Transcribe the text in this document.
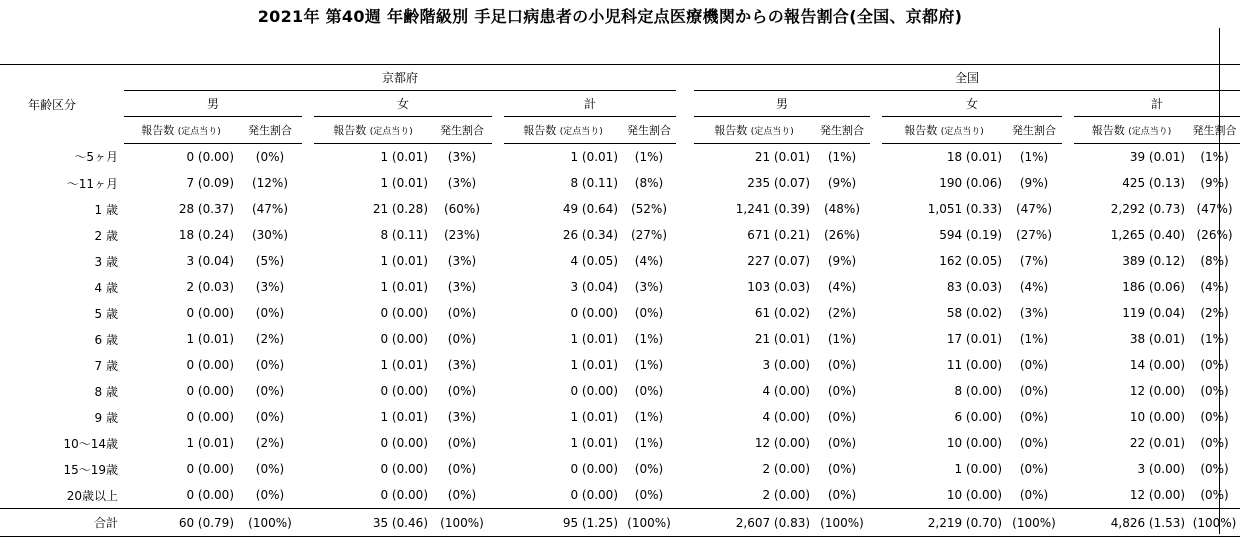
2021年 第40週 年齢階級別 手足口病患者の小児科定点医療機関からの報告割合(全国、京都府)
年齢区分	京都府									全国							
	男			女			計			男			女			計	
	報告数 (定点当り)	発生割合		報告数 (定点当り)	発生割合		報告数 (定点当り)	発生割合		報告数 (定点当り)	発生割合		報告数 (定点当り)	発生割合		報告数 (定点当り)	発生割合
～5ヶ月	0 (0.00)	(0%)		1 (0.01)	(3%)		1 (0.01)	(1%)		21 (0.01)	(1%)		18 (0.01)	(1%)		39 (0.01)	(1%)
～11ヶ月	7 (0.09)	(12%)		1 (0.01)	(3%)		8 (0.11)	(8%)		235 (0.07)	(9%)		190 (0.06)	(9%)		425 (0.13)	(9%)
1 歳	28 (0.37)	(47%)		21 (0.28)	(60%)		49 (0.64)	(52%)		1,241 (0.39)	(48%)		1,051 (0.33)	(47%)		2,292 (0.73)	(47%)
2 歳	18 (0.24)	(30%)		8 (0.11)	(23%)		26 (0.34)	(27%)		671 (0.21)	(26%)		594 (0.19)	(27%)		1,265 (0.40)	(26%)
3 歳	3 (0.04)	(5%)		1 (0.01)	(3%)		4 (0.05)	(4%)		227 (0.07)	(9%)		162 (0.05)	(7%)		389 (0.12)	(8%)
4 歳	2 (0.03)	(3%)		1 (0.01)	(3%)		3 (0.04)	(3%)		103 (0.03)	(4%)		83 (0.03)	(4%)		186 (0.06)	(4%)
5 歳	0 (0.00)	(0%)		0 (0.00)	(0%)		0 (0.00)	(0%)		61 (0.02)	(2%)		58 (0.02)	(3%)		119 (0.04)	(2%)
6 歳	1 (0.01)	(2%)		0 (0.00)	(0%)		1 (0.01)	(1%)		21 (0.01)	(1%)		17 (0.01)	(1%)		38 (0.01)	(1%)
7 歳	0 (0.00)	(0%)		1 (0.01)	(3%)		1 (0.01)	(1%)		3 (0.00)	(0%)		11 (0.00)	(0%)		14 (0.00)	(0%)
8 歳	0 (0.00)	(0%)		0 (0.00)	(0%)		0 (0.00)	(0%)		4 (0.00)	(0%)		8 (0.00)	(0%)		12 (0.00)	(0%)
9 歳	0 (0.00)	(0%)		1 (0.01)	(3%)		1 (0.01)	(1%)		4 (0.00)	(0%)		6 (0.00)	(0%)		10 (0.00)	(0%)
10～14歳	1 (0.01)	(2%)		0 (0.00)	(0%)		1 (0.01)	(1%)		12 (0.00)	(0%)		10 (0.00)	(0%)		22 (0.01)	(0%)
15～19歳	0 (0.00)	(0%)		0 (0.00)	(0%)		0 (0.00)	(0%)		2 (0.00)	(0%)		1 (0.00)	(0%)		3 (0.00)	(0%)
20歳以上	0 (0.00)	(0%)		0 (0.00)	(0%)		0 (0.00)	(0%)		2 (0.00)	(0%)		10 (0.00)	(0%)		12 (0.00)	(0%)
合計	60 (0.79)	(100%)		35 (0.46)	(100%)		95 (1.25)	(100%)		2,607 (0.83)	(100%)		2,219 (0.70)	(100%)		4,826 (1.53)	(100%)
